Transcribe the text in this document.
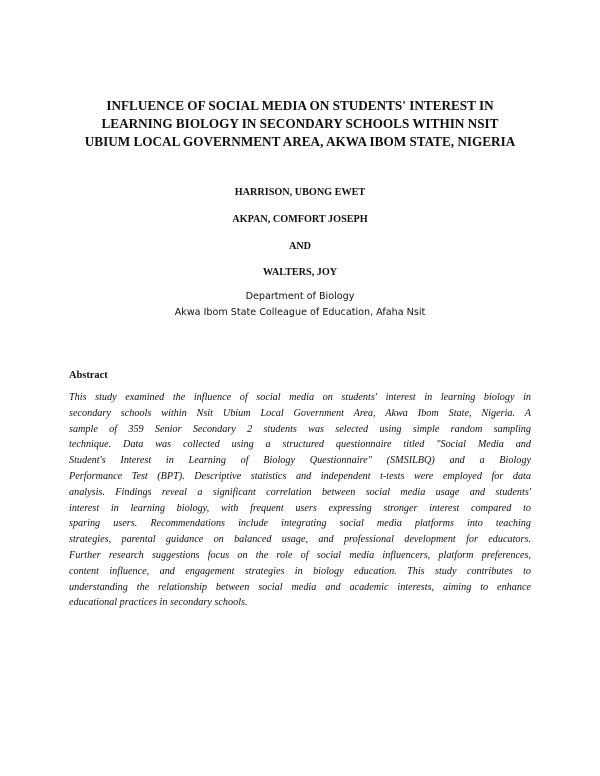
INFLUENCE OF SOCIAL MEDIA ON STUDENTS' INTEREST IN
LEARNING BIOLOGY IN SECONDARY SCHOOLS WITHIN NSIT
UBIUM LOCAL GOVERNMENT AREA, AKWA IBOM STATE, NIGERIA

HARRISON, UBONG EWET

AKPAN, COMFORT JOSEPH

AND

WALTERS, JOY

Department of Biology

Akwa Ibom State Colleague of Education, Afaha Nsit

Abstract
This study examined the influence of social media on students' interest in learning biology in
secondary schools within Nsit Ubium Local Government Area, Akwa Ibom State, Nigeria. A
sample of 359 Senior Secondary 2 students was selected using simple random sampling
technique. Data was collected using a structured questionnaire titled "Social Media and
Student's Interest in Learning of Biology Questionnaire" (SMSILBQ) and a Biology
Performance Test (BPT). Descriptive statistics and independent t-tests were employed for data
analysis. Findings reveal a significant correlation between social media usage and students'
interest in learning biology, with frequent users expressing stronger interest compared to
sparing users. Recommendations include integrating social media platforms into teaching
strategies, parental guidance on balanced usage, and professional development for educators.
Further research suggestions focus on the role of social media influencers, platform preferences,
content influence, and engagement strategies in biology education. This study contributes to
understanding the relationship between social media and academic interests, aiming to enhance
educational practices in secondary schools.
